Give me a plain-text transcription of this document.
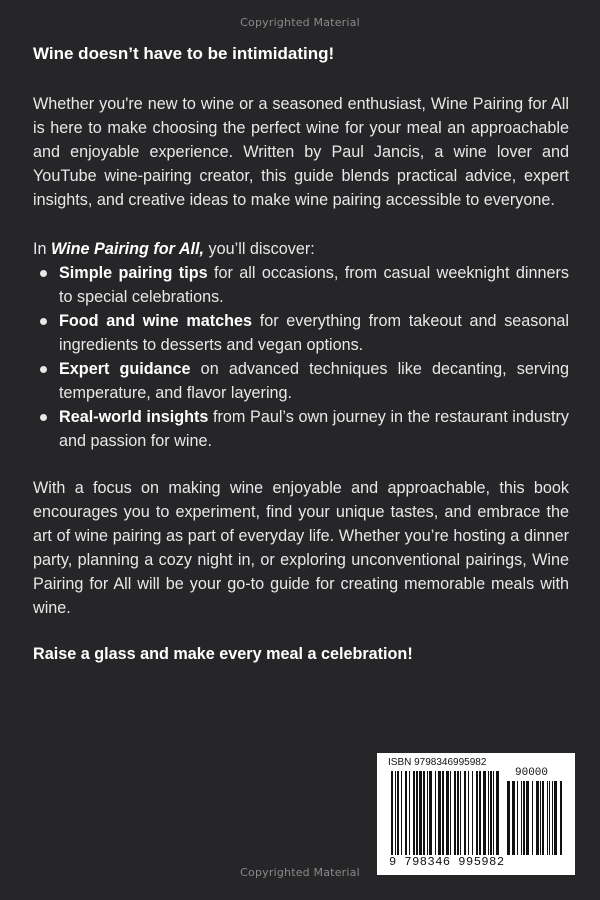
Copyrighted Material
Wine doesn’t have to be intimidating!

Whether you're new to wine or a seasoned enthusiast, Wine Pairing for All is here to make choosing the perfect wine for your meal an approachable and enjoyable experience. Written by Paul Jancis, a wine lover and YouTube wine-pairing creator, this guide blends practical advice, expert insights, and creative ideas to make wine pairing accessible to everyone.

In Wine Pairing for All, you’ll discover:

Simple pairing tips for all occasions, from casual weeknight dinners to special celebrations.
Food and wine matches for everything from takeout and seasonal ingredients to desserts and vegan options.
Expert guidance on advanced techniques like decanting, serving temperature, and flavor layering.
Real-world insights from Paul’s own journey in the restaurant industry and passion for wine.

With a focus on making wine enjoyable and approachable, this book encourages you to experiment, find your unique tastes, and embrace the art of wine pairing as part of everyday life. Whether you’re hosting a dinner party, planning a cozy night in, or exploring unconventional pairings, Wine Pairing for All will be your go-to guide for creating memorable meals with wine.

Raise a glass and make every meal a celebration!

ISBN 9798346995982
90000
9 798346 995982
Copyrighted Material
